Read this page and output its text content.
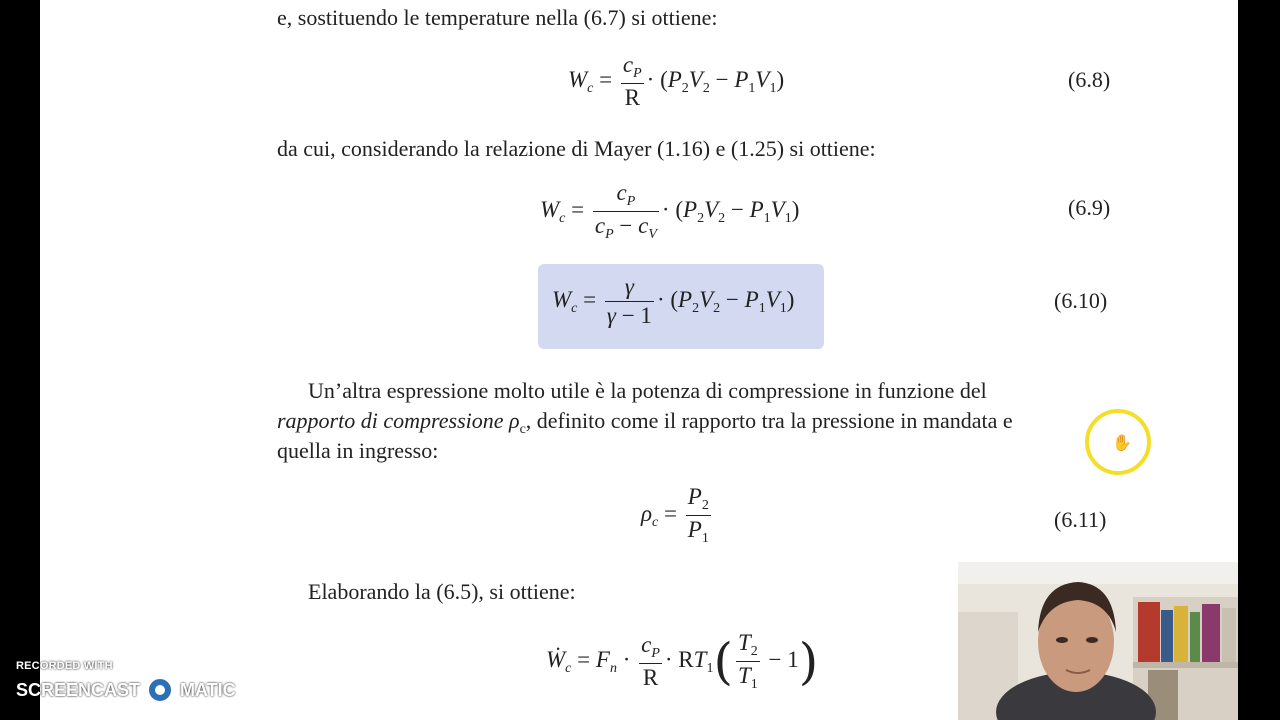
e, sostituendo le temperature nella (6.7) si ottiene:
$W_c = \frac{c_P}{R} \cdot (P_2V_2 - P_1V_1)$	(6.8)
da cui, considerando la relazione di Mayer (1.16) e (1.25) si ottiene:
$W_c = \frac{c_P}{c_P - c_V} \cdot (P_2V_2 - P_1V_1)$	(6.9)
$W_c = \frac{\gamma}{\gamma - 1} \cdot (P_2V_2 - P_1V_1)$	(6.10)
Un’altra espressione molto utile è la potenza di compressione in funzione del
rapporto di compressione $\rho_c$, definito come il rapporto tra la pressione in mandata e
quella in ingresso:
$\rho_c = \frac{P_2}{P_1}$	(6.11)
Elaborando la (6.5), si ottiene:
Ẇ$_c$ = $F_n \cdot \frac{c_P}{R} \cdot RT_1( \frac{T_2}{T_1} - 1)$
✋
RECORDED WITH
SCREENCAST MATIC
